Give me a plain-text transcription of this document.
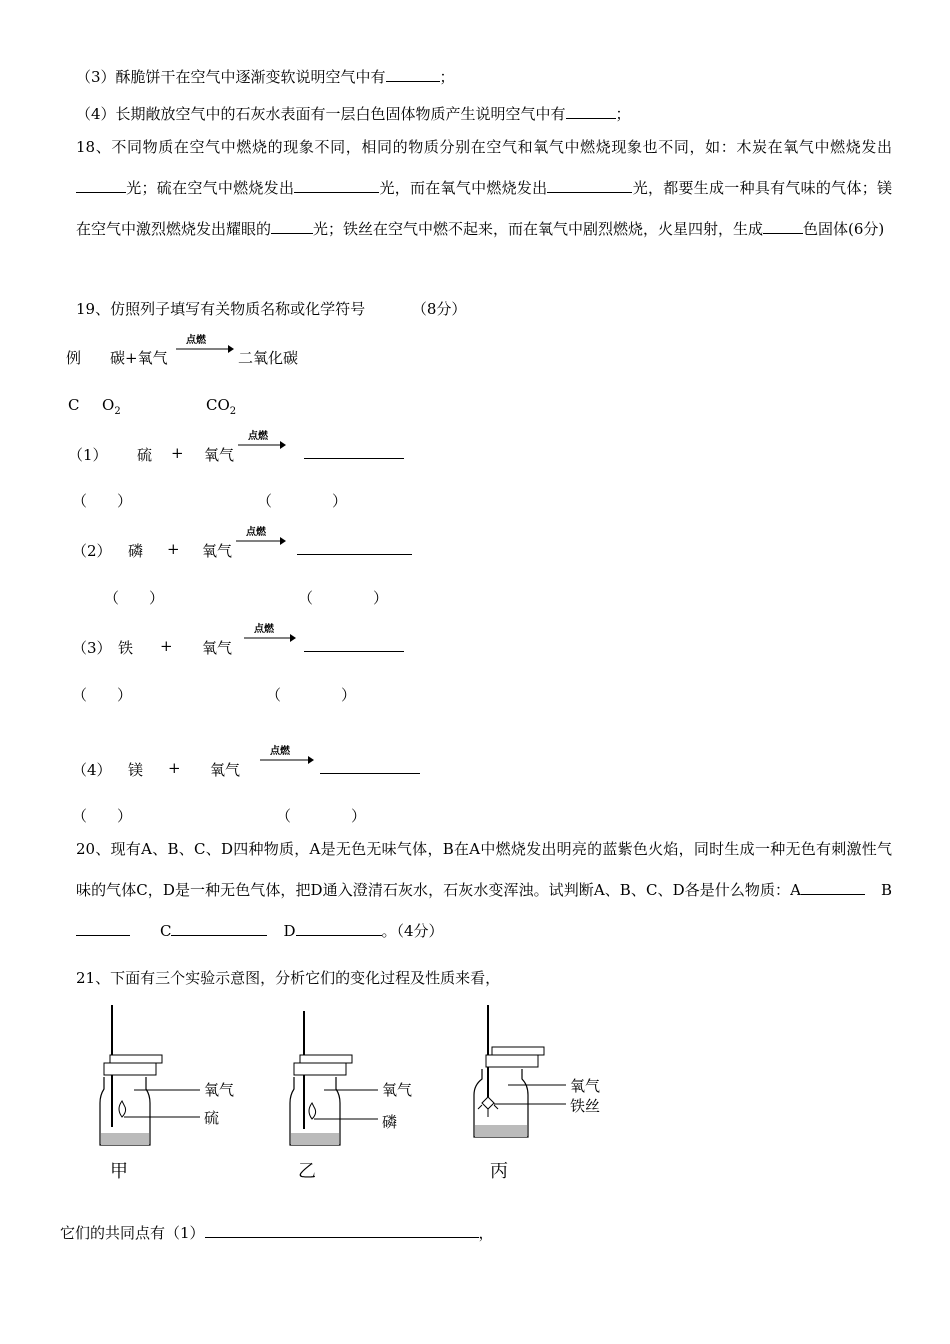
（3）酥脆饼干在空气中逐渐变软说明空气中有	；
（4）长期敞放空气中的石灰水表面有一层白色固体物质产生说明空气中有	；
18、不同物质在空气中燃烧的现象不同，相同的物质分别在空气和氧气中燃烧现象也不同，如：木炭在氧气中燃烧发出光；硫在空气中燃烧发出	光，而在氧气中燃烧发出	光，都要生成一种具有气味的气体；镁在空气中激烈燃烧发出耀眼的	光；铁丝在空气中燃不起来，而在氧气中剧烈燃烧，火星四射，生成	色固体(6分)
19、仿照列子填写有关物质名称或化学符号	（8分）
例 碳+氧气
点燃
二氧化碳
C $O_2$	$CO_2$
（1） 硫 + 氧气
点燃
（　　）	（　　　　）
（2） 磷 + 氧气
点燃
（　　）	（　　　　）
（3） 铁 + 氧气
点燃
（　　）	（　　　　）
（4） 镁 + 氧气
点燃
（　　）	（　　　　）
20、现有A、B、C、D四种物质，A是无色无味气体，B在A中燃烧发出明亮的蓝紫色火焰，同时生成一种无色有刺激性气味的气体C，D是一种无色气体，把D通入澄清石灰水，石灰水变浑浊。试判断A、B、C、D各是什么物质：A	BC	D	。（4分）
21、下面有三个实验示意图，分析它们的变化过程及性质来看，
氧气
硫
甲
氧气
磷
乙
氧气
铁丝
丙
它们的共同点有（1）	，
